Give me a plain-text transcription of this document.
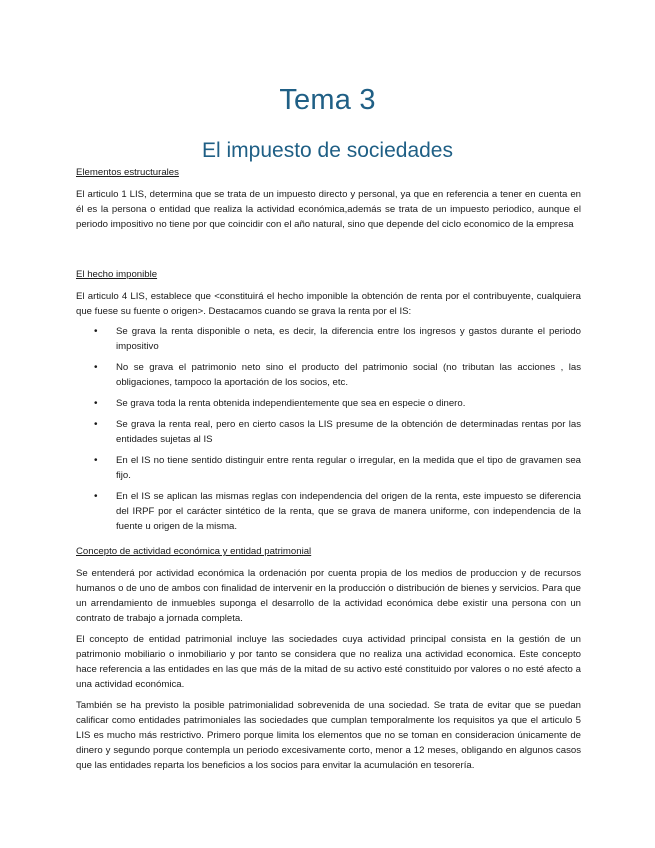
Tema 3
El impuesto de sociedades

Elementos estructurales

El articulo 1 LIS, determina que se trata de un impuesto directo y personal, ya que en referencia a tener en cuenta en él es la persona o entidad que realiza la actividad económica,además se trata de un impuesto periodico, aunque el periodo impositivo no tiene por que coincidir con el año natural, sino que depende del ciclo economico de la empresa

El hecho imponible

El articulo 4 LIS, establece que <constituirá el hecho imponible la obtención de renta por el contribuyente, cualquiera que fuese su fuente o origen>. Destacamos cuando se grava la renta por el IS:

• Se grava la renta disponible o neta, es decir, la diferencia entre los ingresos y gastos durante el periodo impositivo
• No se grava el patrimonio neto sino el producto del patrimonio social (no tributan las acciones , las obligaciones, tampoco la aportación de los socios, etc.
• Se grava toda la renta obtenida independientemente que sea en especie o dinero.
• Se grava la renta real, pero en cierto casos la LIS presume de la obtención de determinadas rentas por las entidades sujetas al IS
• En el IS no tiene sentido distinguir entre renta regular o irregular, en la medida que el tipo de gravamen sea fijo.
• En el IS se aplican las mismas reglas con independencia del origen de la renta, este impuesto se diferencia del IRPF por el carácter sintético de la renta, que se grava de manera uniforme, con independencia de la fuente u origen de la misma.

Concepto de actividad económica y entidad patrimonial

Se entenderá por actividad económica la ordenación por cuenta propia de los medios de produccion y de recursos humanos o de uno de ambos con finalidad de intervenir en la producción o distribución de bienes y servicios. Para que un arrendamiento de inmuebles suponga el desarrollo de la actividad económica debe existir una persona con un contrato de trabajo a jornada completa.

El concepto de entidad patrimonial incluye las sociedades cuya actividad principal consista en la gestión de un patrimonio mobiliario o inmobiliario y por tanto se considera que no realiza una actividad economica. Este concepto hace referencia a las entidades en las que más de la mitad de su activo esté constituido por valores o no esté afecto a una actividad económica.

También se ha previsto la posible patrimonialidad sobrevenida de una sociedad. Se trata de evitar que se puedan calificar como entidades patrimoniales las sociedades que cumplan temporalmente los requisitos ya que el articulo 5 LIS es mucho más restrictivo. Primero porque limita los elementos que no se toman en consideracion únicamente de dinero y segundo porque contempla un periodo excesivamente corto, menor a 12 meses, obligando en algunos casos que las entidades reparta los beneficios a los socios para envitar la acumulación en tesorería.
